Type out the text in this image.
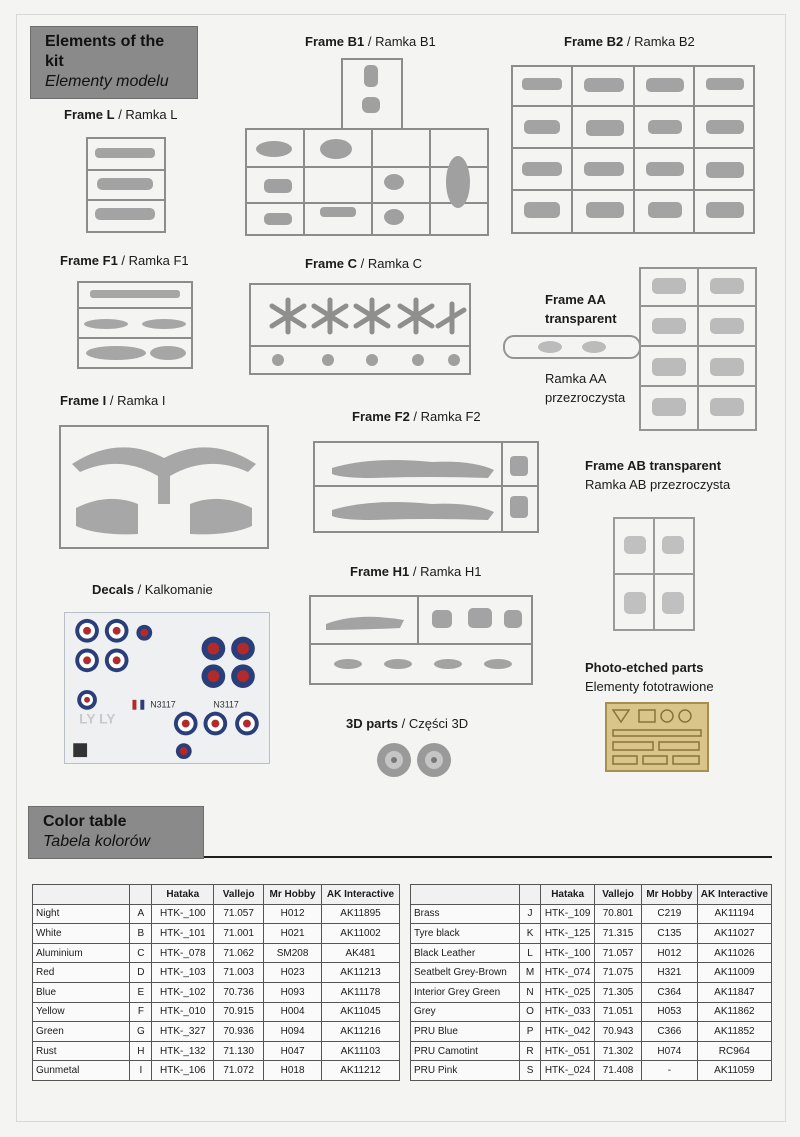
Elements of the kit
Elementy modelu
Frame L / Ramka L
Frame B1 / Ramka B1	Frame B2 / Ramka B2
Frame F1 / Ramka F1	Frame C / Ramka C
Frame AA
transparent
Ramka AA
przezroczysta
Frame I / Ramka I
Frame F2 / Ramka F2
Frame AB transparent
Ramka AB przezroczysta
Decals / Kalkomanie
N3117	N3117
LY LY
Frame H1 / Ramka H1
Photo-etched parts
Elementy fototrawione
3D parts / Części 3D
Color table
Tabela kolorów
		Hataka	Vallejo	Mr Hobby	AK Interactive
Night	A	HTK-_100	71.057	H012	AK11895
White	B	HTK-_101	71.001	H021	AK11002
Aluminium	C	HTK-_078	71.062	SM208	AK481
Red	D	HTK-_103	71.003	H023	AK11213
Blue	E	HTK-_102	70.736	H093	AK11178
Yellow	F	HTK-_010	70.915	H004	AK11045
Green	G	HTK-_327	70.936	H094	AK11216
Rust	H	HTK-_132	71.130	H047	AK11103
Gunmetal	I	HTK-_106	71.072	H018	AK11212
		Hataka	Vallejo	Mr Hobby	AK Interactive
Brass	J	HTK-_109	70.801	C219	AK11194
Tyre black	K	HTK-_125	71.315	C135	AK11027
Black Leather	L	HTK-_100	71.057	H012	AK11026
Seatbelt Grey-Brown	M	HTK-_074	71.075	H321	AK11009
Interior Grey Green	N	HTK-_025	71.305	C364	AK11847
Grey	O	HTK-_033	71.051	H053	AK11862
PRU Blue	P	HTK-_042	70.943	C366	AK11852
PRU Camotint	R	HTK-_051	71.302	H074	RC964
PRU Pink	S	HTK-_024	71.408	-	AK11059
